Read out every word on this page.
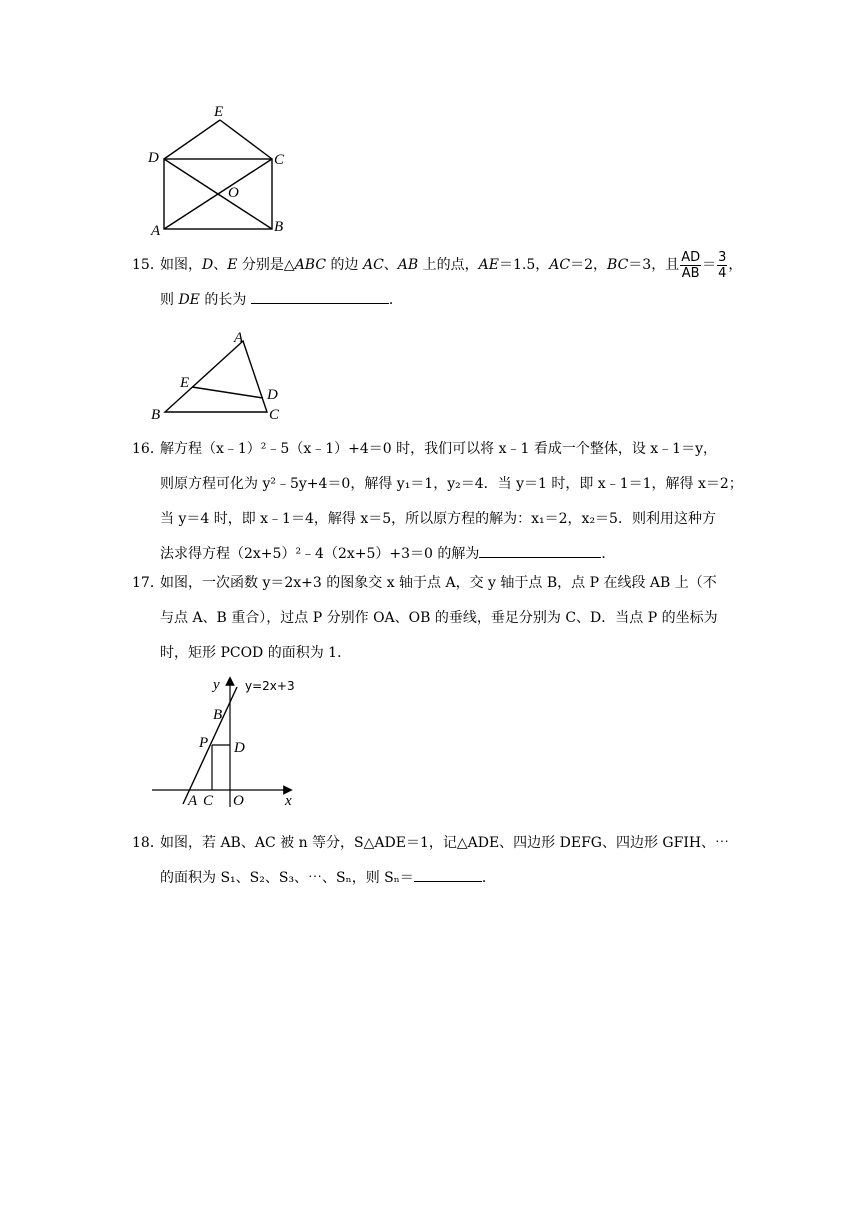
E
D	C
O
A	B

15．如图，D、E 分别是△ABC 的边 AC、AB 上的点，AE＝1.5，AC＝2，BC＝3，且 $\frac{AD}{AB} = \frac{3}{4}$ ，

则 DE 的长为	．

A
E
D
B	C

16．解方程（x﹣1）²﹣5（x﹣1）+4＝0 时，我们可以将 x﹣1 看成一个整体，设 x﹣1＝y，

则原方程可化为 y²﹣5y+4＝0，解得 y₁＝1，y₂＝4．当 y＝1 时，即 x﹣1＝1，解得 x＝2；

当 y＝4 时，即 x﹣1＝4，解得 x＝5，所以原方程的解为：x₁＝2，x₂＝5．则利用这种方

法求得方程（2x+5）²﹣4（2x+5）+3＝0 的解为	．

17．如图，一次函数 y＝2x+3 的图象交 x 轴于点 A，交 y 轴于点 B，点 P 在线段 AB 上（不

与点 A、B 重合），过点 P 分别作 OA、OB 的垂线，垂足分别为 C、D．当点 P 的坐标为

时，矩形 PCOD 的面积为 1．

y y=2x+3
B
P D
A C O	x

18．如图，若 AB、AC 被 n 等分，S△ADE＝1，记△ADE、四边形 DEFG、四边形 GFIH、⋯

的面积为 S₁、S₂、S₃、⋯、Sₙ，则 Sₙ＝	．
